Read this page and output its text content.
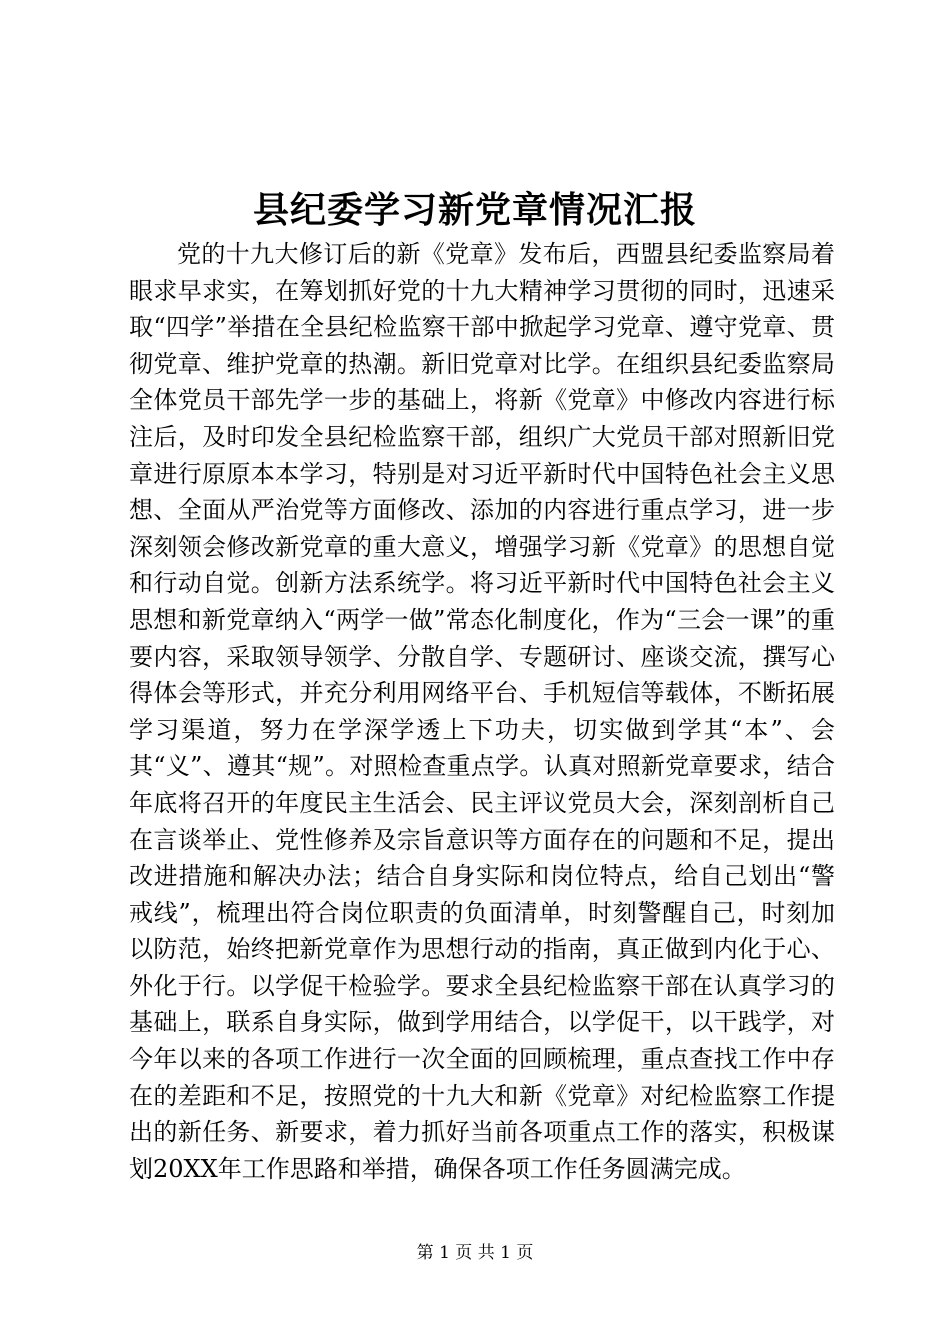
县纪委学习新党章情况汇报

党的十九大修订后的新《党章》发布后，西盟县纪委监察局着眼求早求实，在筹划抓好党的十九大精神学习贯彻的同时，迅速采取“四学”举措在全县纪检监察干部中掀起学习党章、遵守党章、贯彻党章、维护党章的热潮。新旧党章对比学。在组织县纪委监察局全体党员干部先学一步的基础上，将新《党章》中修改内容进行标注后，及时印发全县纪检监察干部，组织广大党员干部对照新旧党章进行原原本本学习，特别是对习近平新时代中国特色社会主义思想、全面从严治党等方面修改、添加的内容进行重点学习，进一步深刻领会修改新党章的重大意义，增强学习新《党章》的思想自觉和行动自觉。创新方法系统学。将习近平新时代中国特色社会主义思想和新党章纳入“两学一做”常态化制度化，作为“三会一课”的重要内容，采取领导领学、分散自学、专题研讨、座谈交流，撰写心得体会等形式，并充分利用网络平台、手机短信等载体，不断拓展学习渠道，努力在学深学透上下功夫，切实做到学其“本”、会其“义”、遵其“规”。对照检查重点学。认真对照新党章要求，结合年底将召开的年度民主生活会、民主评议党员大会，深刻剖析自己在言谈举止、党性修养及宗旨意识等方面存在的问题和不足，提出改进措施和解决办法；结合自身实际和岗位特点，给自己划出“警戒线”，梳理出符合岗位职责的负面清单，时刻警醒自己，时刻加以防范，始终把新党章作为思想行动的指南，真正做到内化于心、外化于行。以学促干检验学。要求全县纪检监察干部在认真学习的基础上，联系自身实际，做到学用结合，以学促干，以干践学，对今年以来的各项工作进行一次全面的回顾梳理，重点查找工作中存在的差距和不足，按照党的十九大和新《党章》对纪检监察工作提出的新任务、新要求，着力抓好当前各项重点工作的落实，积极谋划20XX年工作思路和举措，确保各项工作任务圆满完成。

第 1 页 共 1 页
